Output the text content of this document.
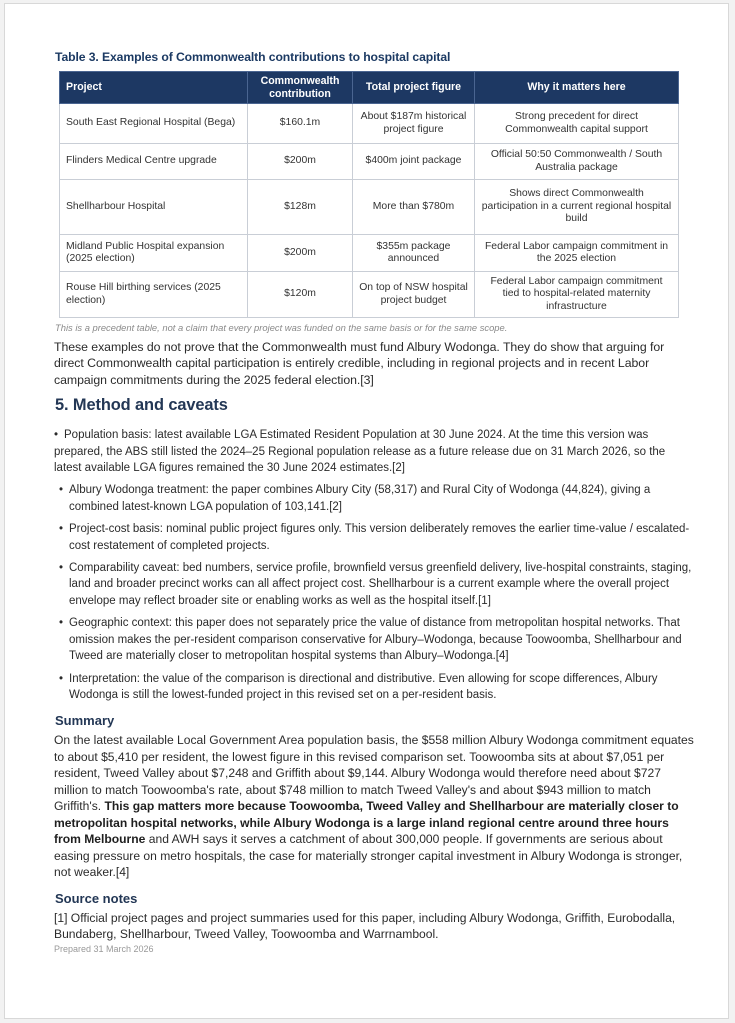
Table 3. Examples of Commonwealth contributions to hospital capital
Project	Commonwealth contribution	Total project figure	Why it matters here
South East Regional Hospital (Bega)	$160.1m	About $187m historical project figure	Strong precedent for direct Commonwealth capital support
Flinders Medical Centre upgrade	$200m	$400m joint package	Official 50:50 Commonwealth / South Australia package
Shellharbour Hospital	$128m	More than $780m	Shows direct Commonwealth participation in a current regional hospital build
Midland Public Hospital expansion (2025 election)	$200m	$355m package announced	Federal Labor campaign commitment in the 2025 election
Rouse Hill birthing services (2025 election)	$120m	On top of NSW hospital project budget	Federal Labor campaign commitment tied to hospital-related maternity infrastructure
This is a precedent table, not a claim that every project was funded on the same basis or for the same scope.

These examples do not prove that the Commonwealth must fund Albury Wodonga. They do show that arguing for direct Commonwealth capital participation is entirely credible, including in regional projects and in recent Labor campaign commitments during the 2025 federal election.[3]

5. Method and caveats
• Population basis: latest available LGA Estimated Resident Population at 30 June 2024. At the time this version was prepared, the ABS still listed the 2024–25 Regional population release as a future release due on 31 March 2026, so the latest available LGA figures remained the 30 June 2024 estimates.[2]
• Albury Wodonga treatment: the paper combines Albury City (58,317) and Rural City of Wodonga (44,824), giving a combined latest-known LGA population of 103,141.[2]
• Project-cost basis: nominal public project figures only. This version deliberately removes the earlier time-value / escalated-cost restatement of completed projects.
• Comparability caveat: bed numbers, service profile, brownfield versus greenfield delivery, live-hospital constraints, staging, land and broader precinct works can all affect project cost. Shellharbour is a current example where the overall project envelope may reflect broader site or enabling works as well as the hospital itself.[1]
• Geographic context: this paper does not separately price the value of distance from metropolitan hospital networks. That omission makes the per-resident comparison conservative for Albury–Wodonga, because Toowoomba, Shellharbour and Tweed are materially closer to metropolitan hospital systems than Albury–Wodonga.[4]
• Interpretation: the value of the comparison is directional and distributive. Even allowing for scope differences, Albury Wodonga is still the lowest-funded project in this revised set on a per-resident basis.
Summary

On the latest available Local Government Area population basis, the $558 million Albury Wodonga commitment equates to about $5,410 per resident, the lowest figure in this revised comparison set. Toowoomba sits at about $7,051 per resident, Tweed Valley about $7,248 and Griffith about $9,144. Albury Wodonga would therefore need about $727 million to match Toowoomba's rate, about $748 million to match Tweed Valley's and about $943 million to match Griffith's. This gap matters more because Toowoomba, Tweed Valley and Shellharbour are materially closer to metropolitan hospital networks, while Albury Wodonga is a large inland regional centre around three hours from Melbourne and AWH says it serves a catchment of about 300,000 people. If governments are serious about easing pressure on metro hospitals, the case for materially stronger capital investment in Albury Wodonga is stronger, not weaker.[4]

Source notes

[1] Official project pages and project summaries used for this paper, including Albury Wodonga, Griffith, Eurobodalla, Bundaberg, Shellharbour, Tweed Valley, Toowoomba and Warrnambool.

Prepared 31 March 2026
